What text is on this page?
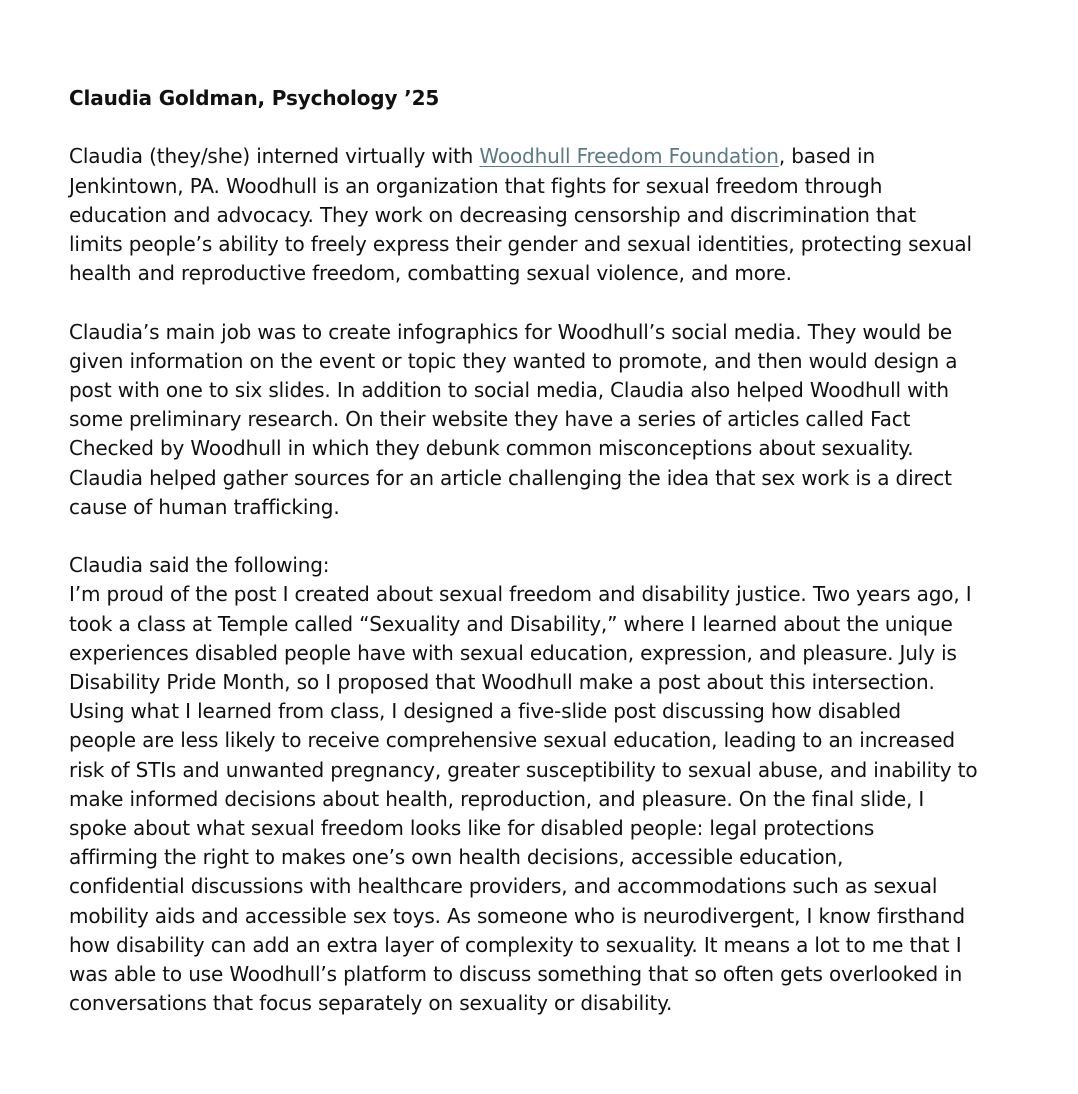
Claudia Goldman, Psychology ’25

Claudia (they/she) interned virtually with Woodhull Freedom Foundation, based in
Jenkintown, PA. Woodhull is an organization that fights for sexual freedom through
education and advocacy. They work on decreasing censorship and discrimination that
limits people’s ability to freely express their gender and sexual identities, protecting sexual
health and reproductive freedom, combatting sexual violence, and more.

Claudia’s main job was to create infographics for Woodhull’s social media. They would be
given information on the event or topic they wanted to promote, and then would design a
post with one to six slides. In addition to social media, Claudia also helped Woodhull with
some preliminary research. On their website they have a series of articles called Fact
Checked by Woodhull in which they debunk common misconceptions about sexuality.
Claudia helped gather sources for an article challenging the idea that sex work is a direct
cause of human trafficking.

Claudia said the following:
I’m proud of the post I created about sexual freedom and disability justice. Two years ago, I
took a class at Temple called “Sexuality and Disability,” where I learned about the unique
experiences disabled people have with sexual education, expression, and pleasure. July is
Disability Pride Month, so I proposed that Woodhull make a post about this intersection.
Using what I learned from class, I designed a five-slide post discussing how disabled
people are less likely to receive comprehensive sexual education, leading to an increased
risk of STIs and unwanted pregnancy, greater susceptibility to sexual abuse, and inability to
make informed decisions about health, reproduction, and pleasure. On the final slide, I
spoke about what sexual freedom looks like for disabled people: legal protections
affirming the right to makes one’s own health decisions, accessible education,
confidential discussions with healthcare providers, and accommodations such as sexual
mobility aids and accessible sex toys. As someone who is neurodivergent, I know firsthand
how disability can add an extra layer of complexity to sexuality. It means a lot to me that I
was able to use Woodhull’s platform to discuss something that so often gets overlooked in
conversations that focus separately on sexuality or disability.
